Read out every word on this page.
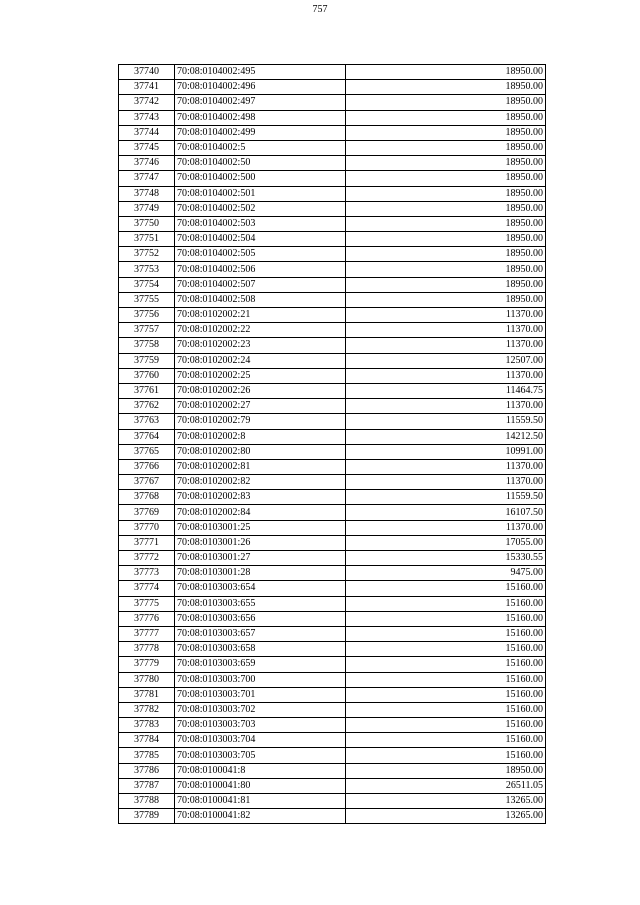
757
37740	70:08:0104002:495	18950.00
37741	70:08:0104002:496	18950.00
37742	70:08:0104002:497	18950.00
37743	70:08:0104002:498	18950.00
37744	70:08:0104002:499	18950.00
37745	70:08:0104002:5	18950.00
37746	70:08:0104002:50	18950.00
37747	70:08:0104002:500	18950.00
37748	70:08:0104002:501	18950.00
37749	70:08:0104002:502	18950.00
37750	70:08:0104002:503	18950.00
37751	70:08:0104002:504	18950.00
37752	70:08:0104002:505	18950.00
37753	70:08:0104002:506	18950.00
37754	70:08:0104002:507	18950.00
37755	70:08:0104002:508	18950.00
37756	70:08:0102002:21	11370.00
37757	70:08:0102002:22	11370.00
37758	70:08:0102002:23	11370.00
37759	70:08:0102002:24	12507.00
37760	70:08:0102002:25	11370.00
37761	70:08:0102002:26	11464.75
37762	70:08:0102002:27	11370.00
37763	70:08:0102002:79	11559.50
37764	70:08:0102002:8	14212.50
37765	70:08:0102002:80	10991.00
37766	70:08:0102002:81	11370.00
37767	70:08:0102002:82	11370.00
37768	70:08:0102002:83	11559.50
37769	70:08:0102002:84	16107.50
37770	70:08:0103001:25	11370.00
37771	70:08:0103001:26	17055.00
37772	70:08:0103001:27	15330.55
37773	70:08:0103001:28	9475.00
37774	70:08:0103003:654	15160.00
37775	70:08:0103003:655	15160.00
37776	70:08:0103003:656	15160.00
37777	70:08:0103003:657	15160.00
37778	70:08:0103003:658	15160.00
37779	70:08:0103003:659	15160.00
37780	70:08:0103003:700	15160.00
37781	70:08:0103003:701	15160.00
37782	70:08:0103003:702	15160.00
37783	70:08:0103003:703	15160.00
37784	70:08:0103003:704	15160.00
37785	70:08:0103003:705	15160.00
37786	70:08:0100041:8	18950.00
37787	70:08:0100041:80	26511.05
37788	70:08:0100041:81	13265.00
37789	70:08:0100041:82	13265.00
